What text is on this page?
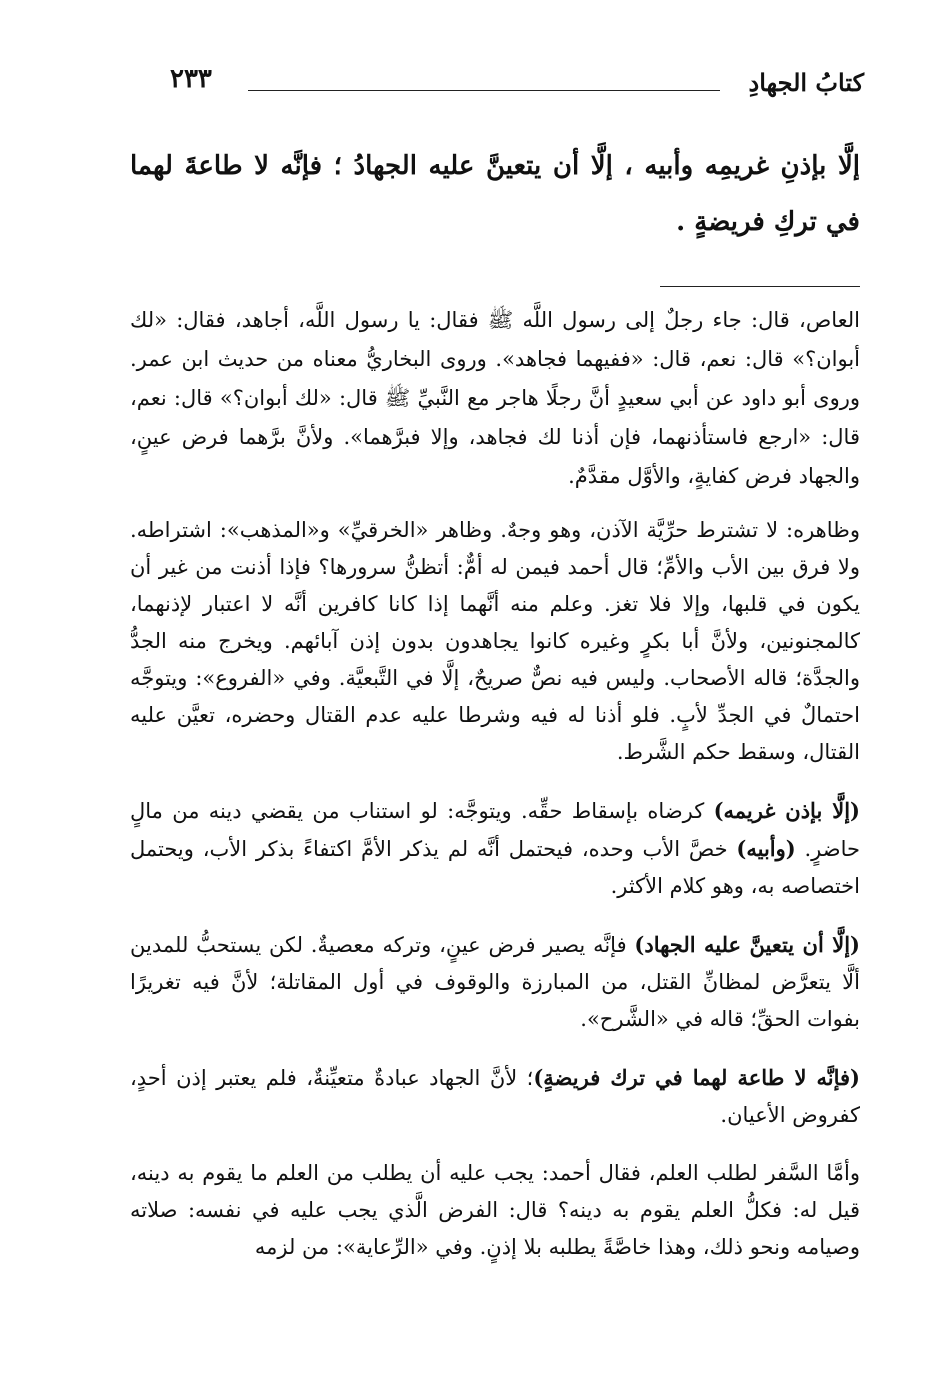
كتابُ الجهادِ
٢٣٣
إلَّا بإذنِ غريمِه وأبيه ، إلَّا أن يتعينَّ عليه الجهادُ ؛ فإنَّه لا طاعةَ لهما في تركِ فريضةٍ .
العاص، قال: جاء رجلٌ إلى رسول اللَّه ﷺ فقال: يا رسول اللَّه، أجاهد، فقال: «لك أبوان؟» قال: نعم، قال: «ففيهما فجاهد». وروى البخاريُّ معناه من حديث ابن عمر. وروى أبو داود عن أبي سعيدٍ أنَّ رجلًا هاجر مع النَّبيِّ ﷺ قال: «لك أبوان؟» قال: نعم، قال: «ارجع فاستأذنهما، فإن أذنا لك فجاهد، وإلا فبرَّهما». ولأنَّ برَّهما فرض عينٍ، والجهاد فرض كفايةٍ، والأوَّل مقدَّمٌ.

وظاهره: لا تشترط حرِّيَّة الآذن، وهو وجهٌ. وظاهر «الخرقيِّ» و«المذهب»: اشتراطه. ولا فرق بين الأب والأمِّ؛ قال أحمد فيمن له أمٌّ: أتظنُّ سرورها؟ فإذا أذنت من غير أن يكون في قلبها، وإلا فلا تغز. وعلم منه أنَّهما إذا كانا كافرين أنَّه لا اعتبار لإذنهما، كالمجنونين، ولأنَّ أبا بكرٍ وغيره كانوا يجاهدون بدون إذن آبائهم. ويخرج منه الجدُّ والجدَّة؛ قاله الأصحاب. وليس فيه نصٌّ صريحٌ، إلَّا في التَّبعيَّة. وفي «الفروع»: ويتوجَّه احتمالٌ في الجدِّ لأبٍ. فلو أذنا له فيه وشرطا عليه عدم القتال وحضره، تعيَّن عليه القتال، وسقط حكم الشَّرط.

(إلَّا بإذن غريمه) كرضاه بإسقاط حقِّه. ويتوجَّه: لو استناب من يقضي دينه من مالٍ حاضرٍ. (وأبيه) خصَّ الأب وحده، فيحتمل أنَّه لم يذكر الأمَّ اكتفاءً بذكر الأب، ويحتمل اختصاصه به، وهو كلام الأكثر.

(إلَّا أن يتعينَّ عليه الجهاد) فإنَّه يصير فرض عينٍ، وتركه معصيةٌ. لكن يستحبُّ للمدين ألَّا يتعرَّض لمظانِّ القتل، من المبارزة والوقوف في أول المقاتلة؛ لأنَّ فيه تغريرًا بفوات الحقِّ؛ قاله في «الشَّرح».

(فإنَّه لا طاعة لهما في ترك فريضةٍ)؛ لأنَّ الجهاد عبادةٌ متعيِّنةٌ، فلم يعتبر إذن أحدٍ، كفروض الأعيان.

وأمَّا السَّفر لطلب العلم، فقال أحمد: يجب عليه أن يطلب من العلم ما يقوم به دينه، قيل له: فكلُّ العلم يقوم به دينه؟ قال: الفرض الَّذي يجب عليه في نفسه: صلاته وصيامه ونحو ذلك، وهذا خاصَّةً يطلبه بلا إذنٍ. وفي «الرِّعاية»: من لزمه
